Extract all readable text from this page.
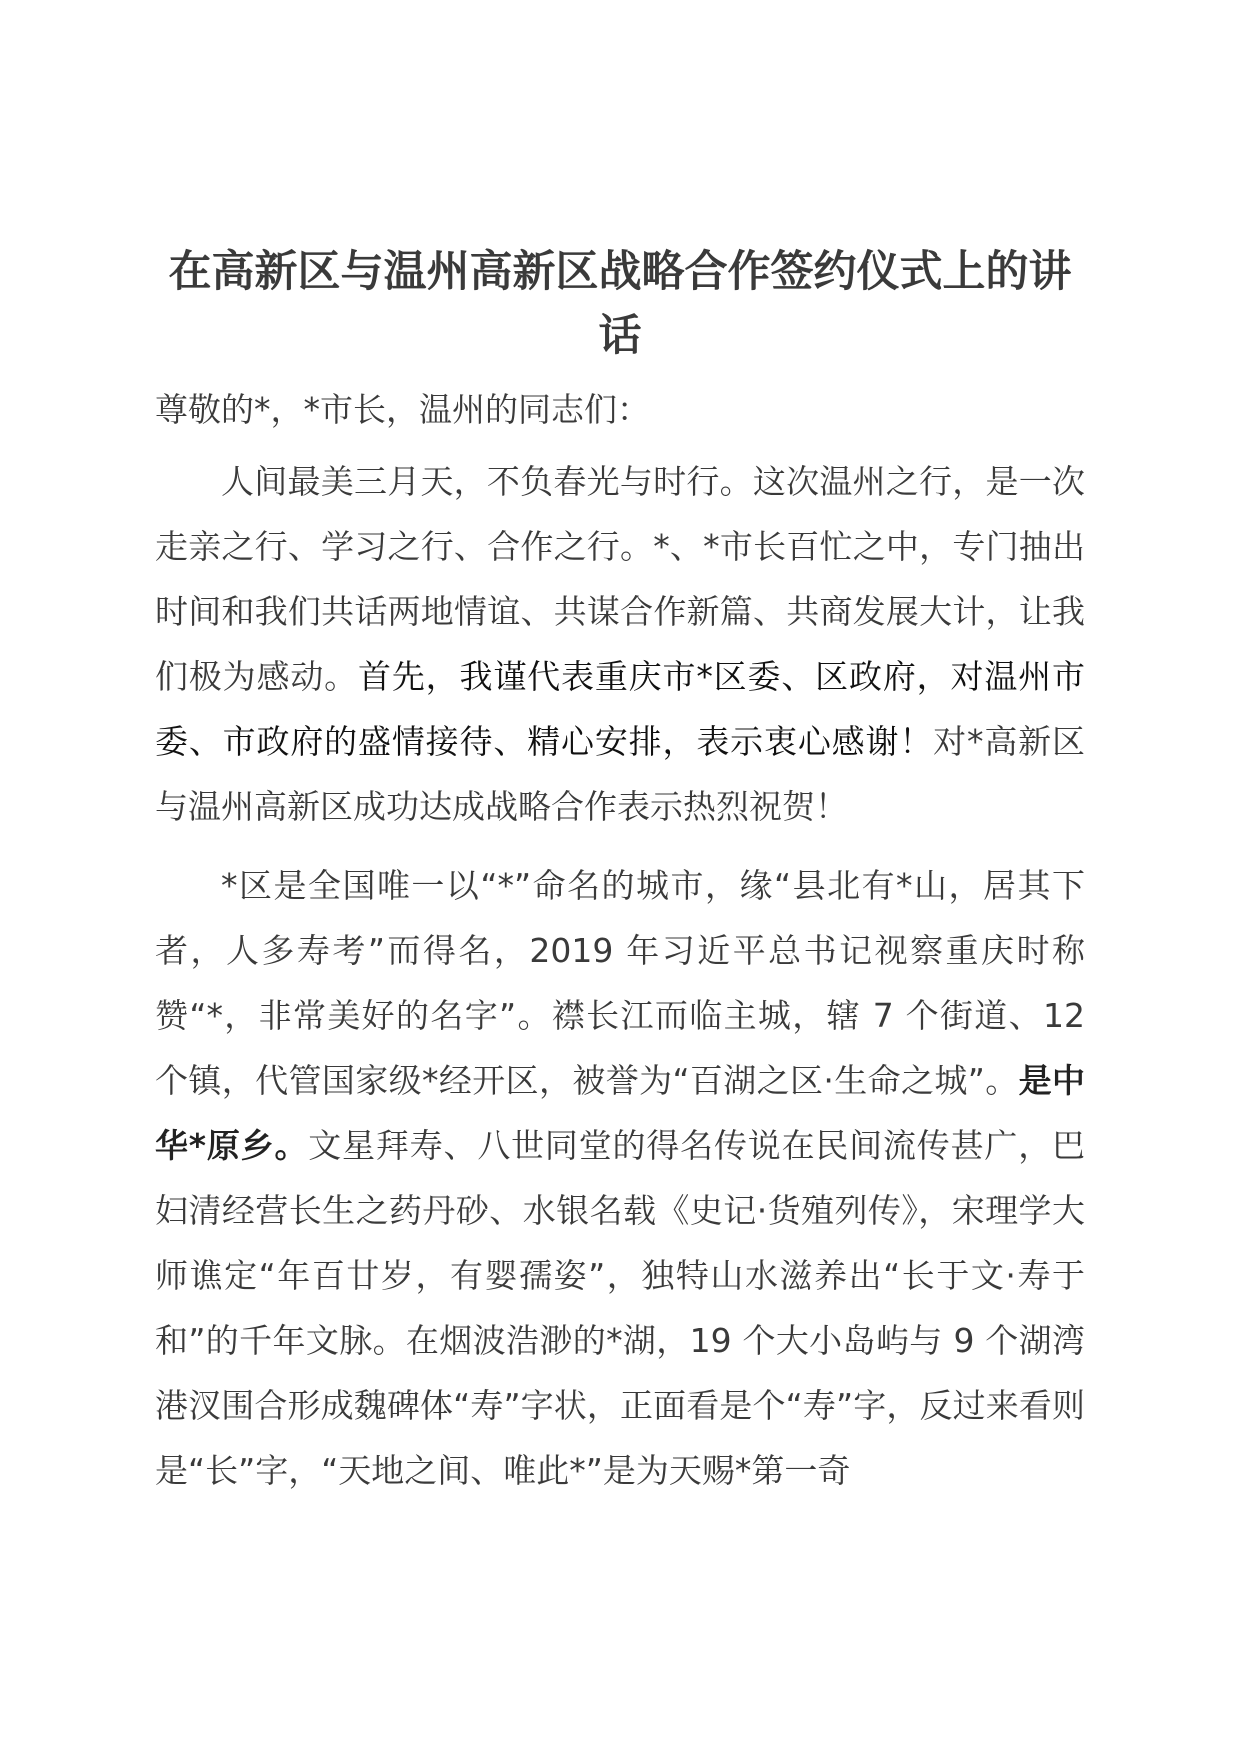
在高新区与温州高新区战略合作签约仪式上的讲话

尊敬的*，*市长，温州的同志们：

人间最美三月天，不负春光与时行。这次温州之行，是一次走亲之行、学习之行、合作之行。*、*市长百忙之中，专门抽出时间和我们共话两地情谊、共谋合作新篇、共商发展大计，让我们极为感动。首先，我谨代表重庆市*区委、区政府，对温州市委、市政府的盛情接待、精心安排，表示衷心感谢！对*高新区与温州高新区成功达成战略合作表示热烈祝贺！

*区是全国唯一以“*”命名的城市，缘“县北有*山，居其下者，人多寿考”而得名，2019 年习近平总书记视察重庆时称赞“*，非常美好的名字”。襟长江而临主城，辖 7 个街道、12 个镇，代管国家级*经开区，被誉为“百湖之区·生命之城”。是中华*原乡。文星拜寿、八世同堂的得名传说在民间流传甚广，巴妇清经营长生之药丹砂、水银名载《史记·货殖列传》，宋理学大师谯定“年百廿岁，有婴孺姿”，独特山水滋养出“长于文·寿于和”的千年文脉。在烟波浩渺的*湖，19 个大小岛屿与 9 个湖湾港汊围合形成魏碑体“寿”字状，正面看是个“寿”字，反过来看则是“长”字，“天地之间、唯此*”是为天赐*第一奇
